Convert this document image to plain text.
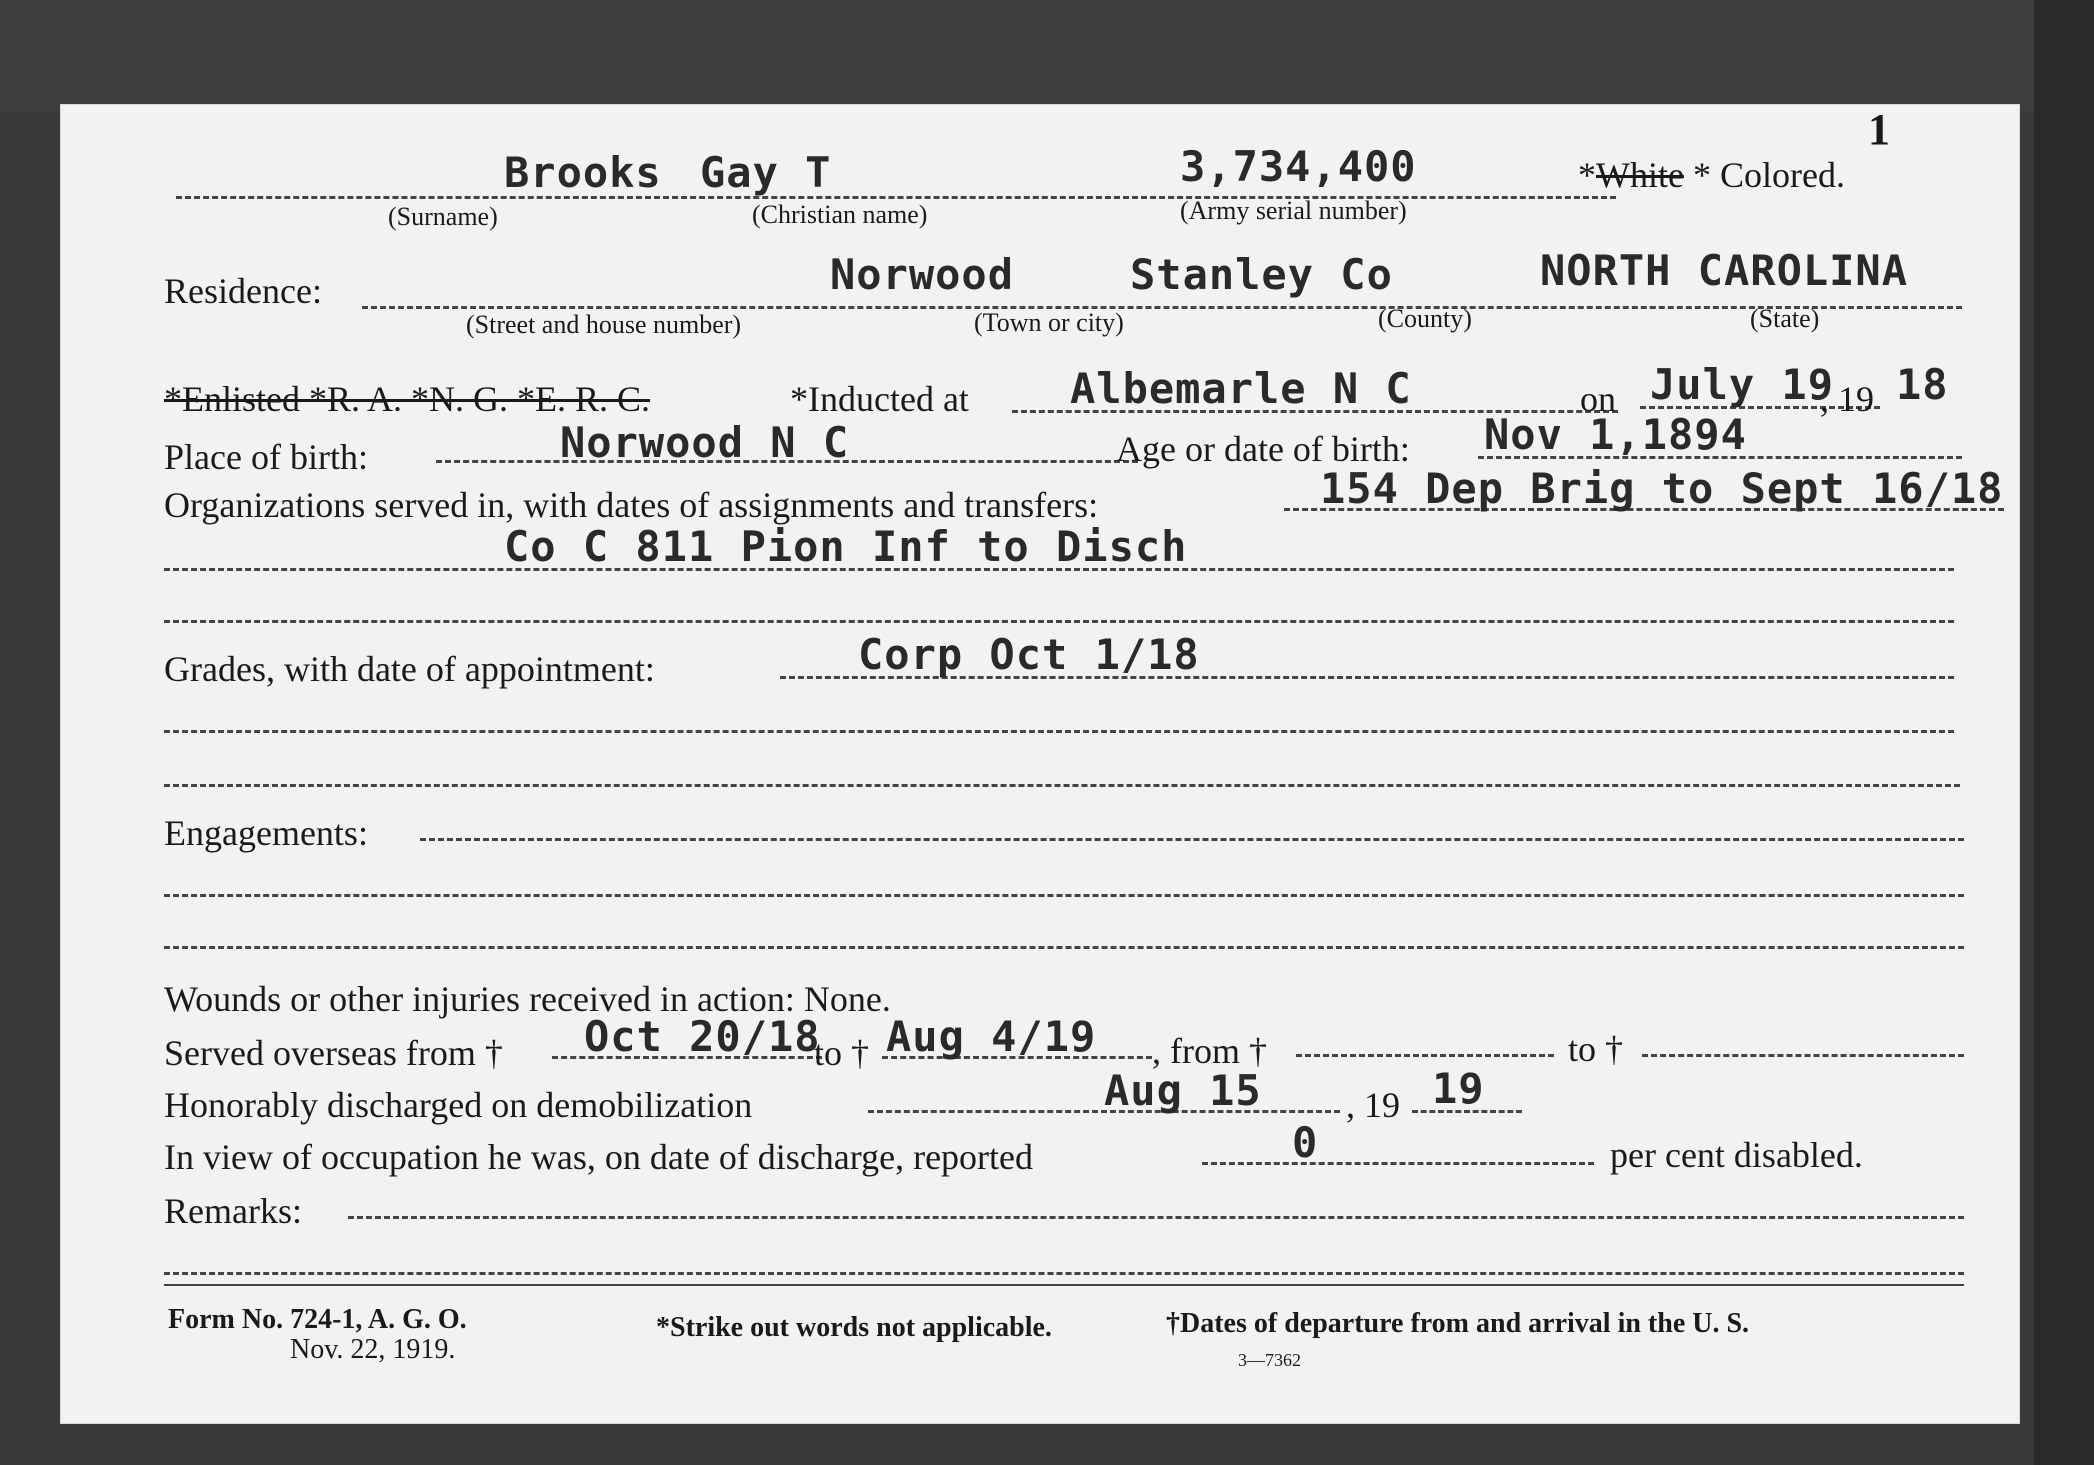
1
Brooks Gay T	3,734,400	*White * Colored.
(Surname)	(Christian name)	(Army serial number)
Residence:	Norwood	Stanley Co	NORTH CAROLINA
(Street and house number)	(Town or city)	(County)	(State)
*Enlisted *R. A. *N. G. *E. R. C.	*Inducted at Albemarle N C	on July 19
, 19 18
Place of birth:	Norwood N C	Age or date of birth: Nov 1,1894
Organizations served in, with dates of assignments and transfers:	154 Dep Brig to Sept 16/18
Co C 811 Pion Inf to Disch
Grades, with date of appointment:	Corp Oct 1/18
Engagements:
Wounds or other injuries received in action: None.
Served overseas from † Oct 20/18
to † Aug 4/19 , from †	to †
Honorably discharged on demobilization	Aug 15 , 19 19
In view of occupation he was, on date of discharge, reported	0	per cent disabled.
Remarks:
Form No. 724-1, A. G. O.
Nov. 22, 1919.
*Strike out words not applicable.	†Dates of departure from and arrival in the U. S.
3—7362
